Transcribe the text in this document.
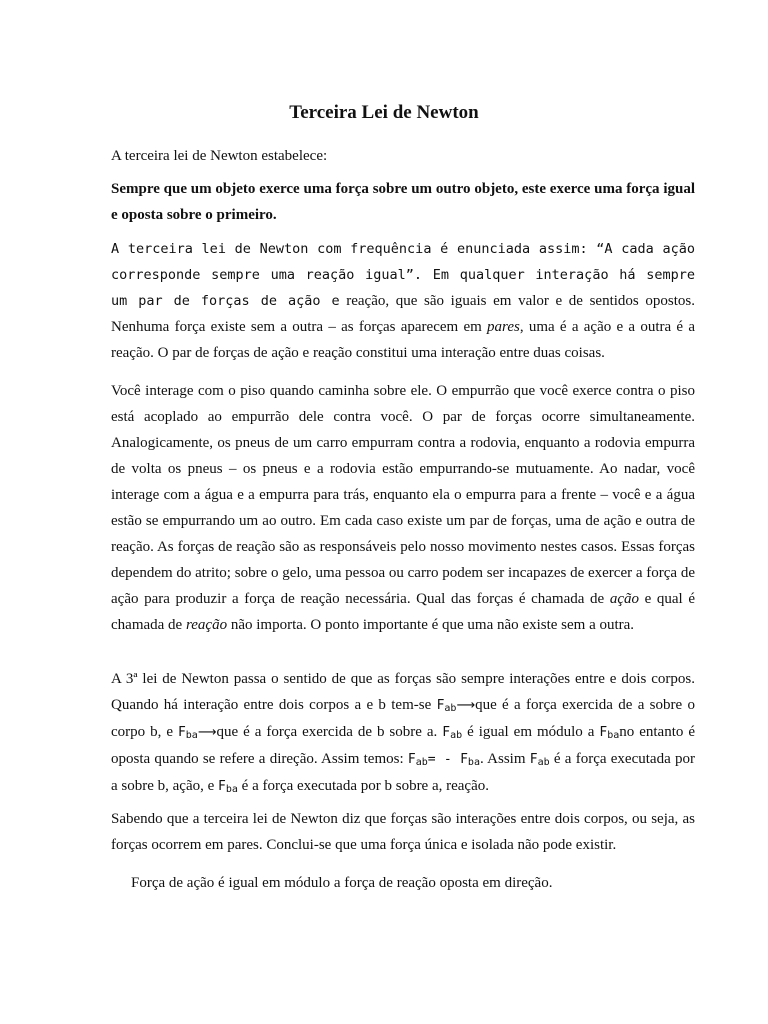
Terceira Lei de Newton

A terceira lei de Newton estabelece:

Sempre que um objeto exerce uma força sobre um outro objeto, este exerce uma força igual e oposta sobre o primeiro.

A terceira lei de Newton com frequência é enunciada assim: “A cada ação corresponde sempre uma reação igual”. Em qualquer interação há sempre um par de forças de ação e reação, que são iguais em valor e de sentidos opostos. Nenhuma força existe sem a outra – as forças aparecem em pares, uma é a ação e a outra é a reação. O par de forças de ação e reação constitui uma interação entre duas coisas.

Você interage com o piso quando caminha sobre ele. O empurrão que você exerce contra o piso está acoplado ao empurrão dele contra você. O par de forças ocorre simultaneamente. Analogicamente, os pneus de um carro empurram contra a rodovia, enquanto a rodovia empurra de volta os pneus – os pneus e a rodovia estão empurrando-se mutuamente. Ao nadar, você interage com a água e a empurra para trás, enquanto ela o empurra para a frente – você e a água estão se empurrando um ao outro. Em cada caso existe um par de forças, uma de ação e outra de reação. As forças de reação são as responsáveis pelo nosso movimento nestes casos. Essas forças dependem do atrito; sobre o gelo, uma pessoa ou carro podem ser incapazes de exercer a força de ação para produzir a força de reação necessária. Qual das forças é chamada de ação e qual é chamada de reação não importa. O ponto importante é que uma não existe sem a outra.

A 3ª lei de Newton passa o sentido de que as forças são sempre interações entre e dois corpos. Quando há interação entre dois corpos a e b tem-se $F_{ab}⟶que$ é a força exercida de a sobre o corpo b, e $F_{ba}⟶que$ é a força exercida de b sobre a. $F_{ab}$ é igual em módulo a $F_{ba}no$ entanto é oposta quando se refere a direção. Assim temos: $F_{ab}= - F_{ba}$. Assim $F_{ab}$ é a força executada por a sobre b, ação, e $F_{ba}$ é a força executada por b sobre a, reação.

Sabendo que a terceira lei de Newton diz que forças são interações entre dois corpos, ou seja, as forças ocorrem em pares. Conclui-se que uma força única e isolada não pode existir.

Força de ação é igual em módulo a força de reação oposta em direção.
